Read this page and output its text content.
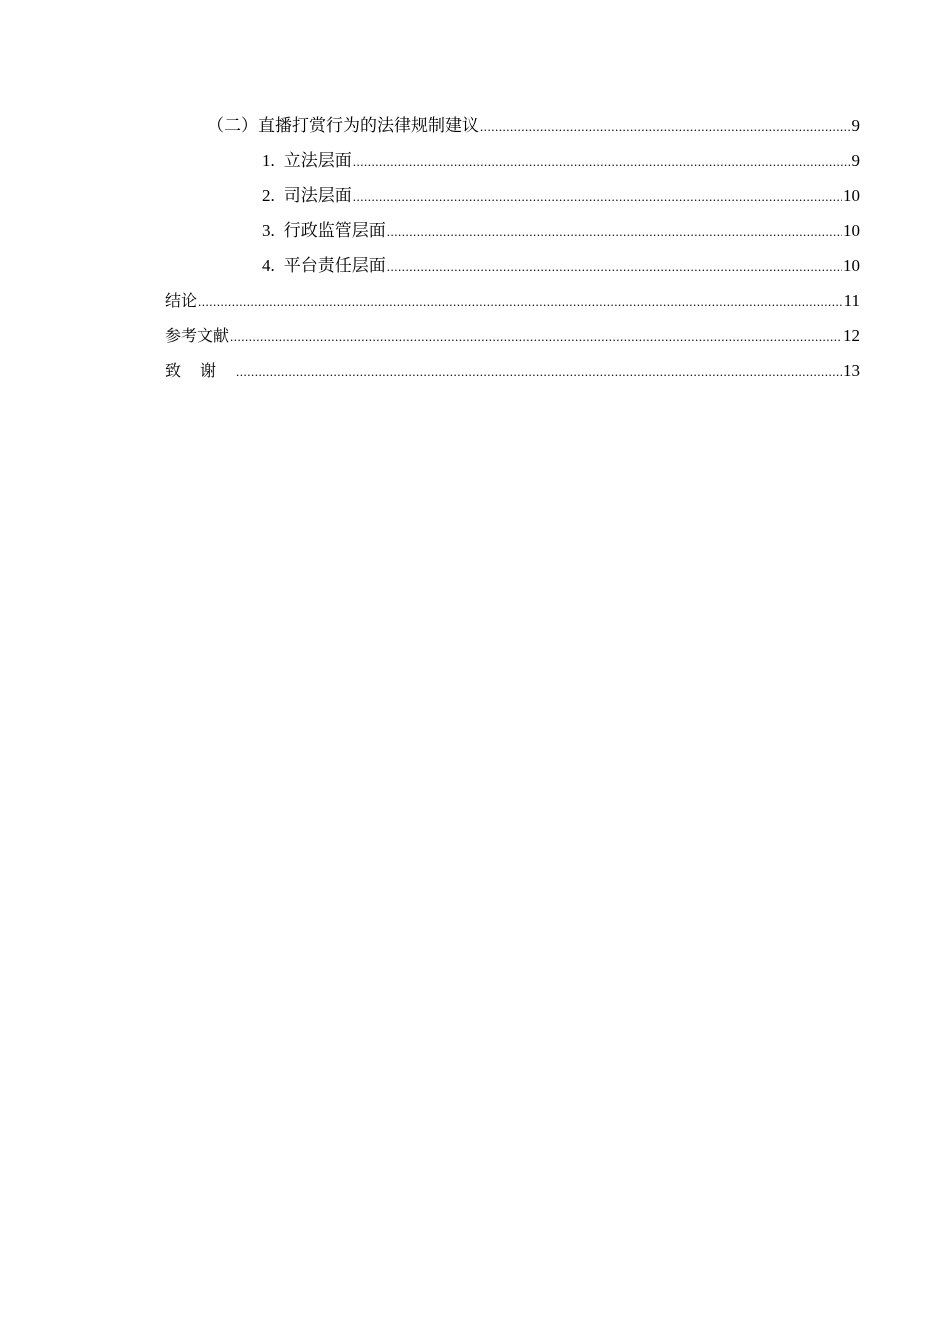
（二）直播打赏行为的法律规制建议 .....	9
1. 立法层面 .....	9
2. 司法层面 .....	10
3. 行政监管层面 .....	10
4. 平台责任层面 .....	10
结论 .....	11
参考文献 .....	12
致谢 .....	13
